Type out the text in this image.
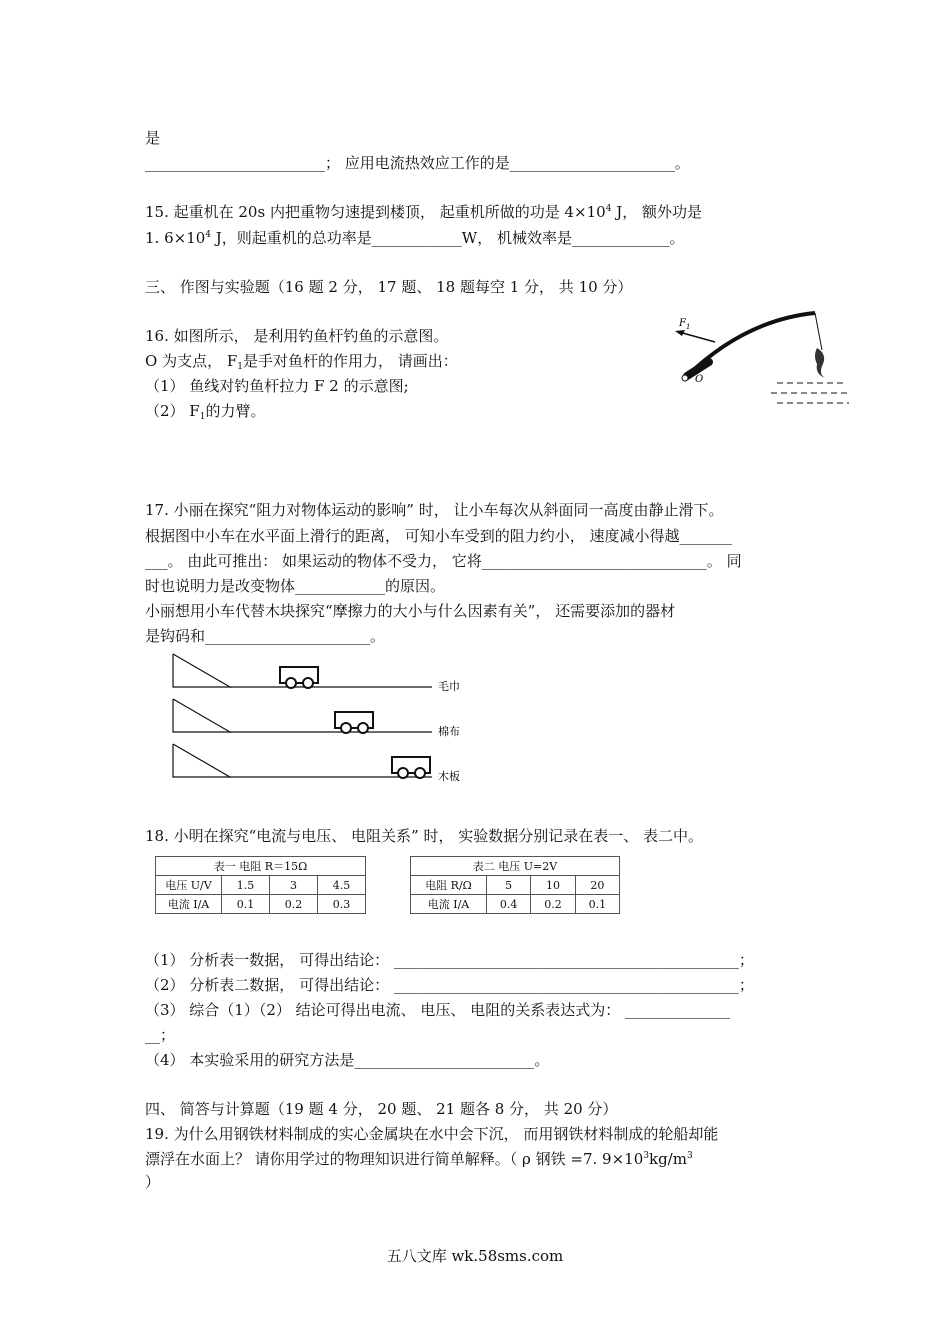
是
________________________； 应用电流热效应工作的是______________________。
15. 起重机在 20s 内把重物匀速提到楼顶， 起重机所做的功是 $4\times 10^4$ J， 额外功是
1. $6\times 10^4$ J，则起重机的总功率是____________W， 机械效率是_____________。
三、 作图与实验题（16 题 2 分， 17 题、 18 题每空 1 分， 共 10 分）
16. 如图所示， 是利用钓鱼杆钓鱼的示意图。
O 为支点， $F_1$是手对鱼杆的作用力， 请画出：
（1） 鱼线对钓鱼杆拉力 F 2 的示意图;
（2） $F_1$的力臂。
$F_1$
O
17. 小丽在探究“阻力对物体运动的影响” 时， 让小车每次从斜面同一高度由静止滑下。
根据图中小车在水平面上滑行的距离， 可知小车受到的阻力约小， 速度减小得越_______
___。 由此可推出： 如果运动的物体不受力， 它将______________________________。 同
时也说明力是改变物体____________的原因。
小丽想用小车代替木块探究“摩擦力的大小与什么因素有关”， 还需要添加的器材
是钩码和______________________。
毛巾
棉布
木板
18. 小明在探究“电流与电压、 电阻关系” 时， 实验数据分别记录在表一、 表二中。
表一 电阻 R＝15Ω			
电压 U/V	1.5	3	4.5
电流 I/A	0.1	0.2	0.3
表二 电压 U=2V			
电阻 R/Ω	5	10	20
电流 I/A	0.4	0.2	0.1
（1） 分析表一数据， 可得出结论： ______________________________________________；
（2） 分析表二数据， 可得出结论： ______________________________________________；
（3） 综合（1）（2） 结论可得出电流、 电压、 电阻的关系表达式为： ______________
__；
（4） 本实验采用的研究方法是________________________。
四、 简答与计算题（19 题 4 分， 20 题、 21 题各 8 分， 共 20 分）
19. 为什么用钢铁材料制成的实心金属块在水中会下沉， 而用钢铁材料制成的轮船却能
漂浮在水面上？ 请你用学过的物理知识进行简单解释。（ ρ 钢铁 =7. $9\times 10^3kg/m^3$
）
五八文库 wk.58sms.com
